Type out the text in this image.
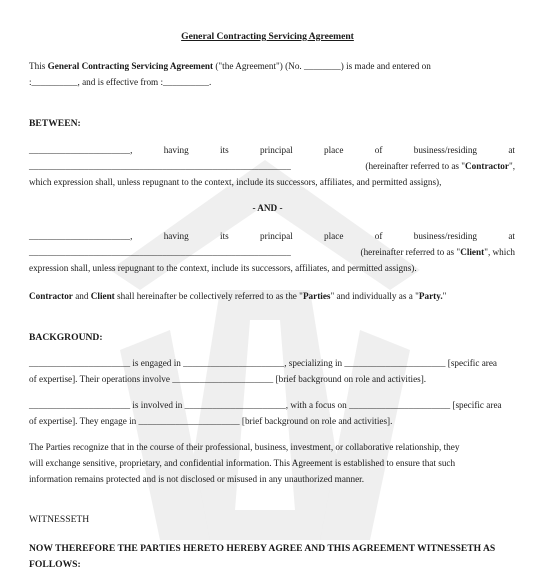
General Contracting Servicing Agreement
This General Contracting Servicing Agreement ("the Agreement") (No. ________) is made and entered on
:__________, and is effective from :__________.
BETWEEN:
______________________,	having	its	principal	place	of	business/residing	at
_________________________________________________________	(hereinafter referred to as "Contractor",
which expression shall, unless repugnant to the context, include its successors, affiliates, and permitted assigns),
- AND -
______________________,	having	its	principal	place	of	business/residing	at
_________________________________________________________	(hereinafter referred to as "Client", which
expression shall, unless repugnant to the context, include its successors, affiliates, and permitted assigns).
Contractor and Client shall hereinafter be collectively referred to as the "Parties" and individually as a "Party."
BACKGROUND:
______________________ is engaged in ______________________, specializing in ______________________ [specific area
of expertise]. Their operations involve ______________________ [brief background on role and activities].
______________________ is involved in ______________________, with a focus on ______________________ [specific area
of expertise]. They engage in ______________________ [brief background on role and activities].
The Parties recognize that in the course of their professional, business, investment, or collaborative relationship, they
will exchange sensitive, proprietary, and confidential information. This Agreement is established to ensure that such
information remains protected and is not disclosed or misused in any unauthorized manner.
WITNESSETH
NOW THEREFORE THE PARTIES HERETO HEREBY AGREE AND THIS AGREEMENT WITNESSETH AS
FOLLOWS:
